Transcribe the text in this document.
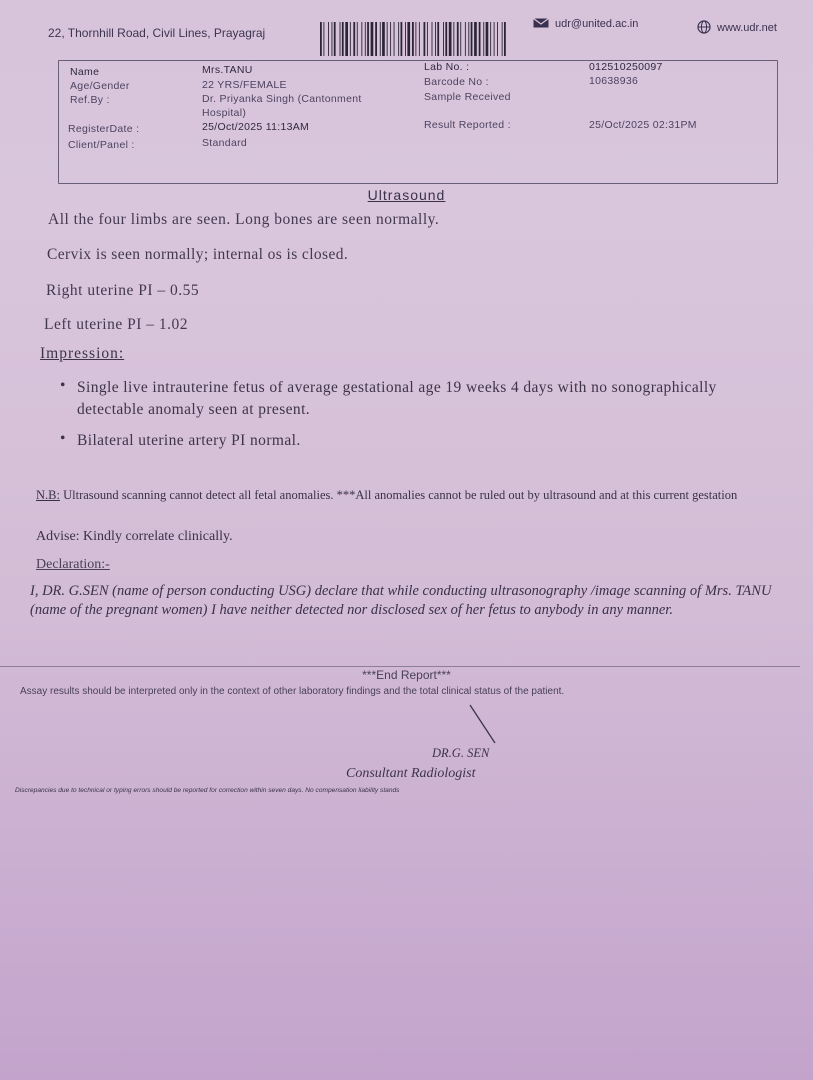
22, Thornhill Road, Civil Lines, Prayagraj
udr@united.ac.in	www.udr.net
Name
Age/Gender
Ref.By :
RegisterDate :
Client/Panel :
Mrs.TANU
22 YRS/FEMALE
Dr. Priyanka Singh (Cantonment
Hospital)
25/Oct/2025 11:13AM
Standard
Lab No. :
Barcode No :
Sample Received
Result Reported :
012510250097
10638936
25/Oct/2025 02:31PM
Ultrasound
All the four limbs are seen. Long bones are seen normally.
Cervix is seen normally; internal os is closed.
Right uterine PI – 0.55
Left uterine PI – 1.02
Impression:
• Single live intrauterine fetus of average gestational age 19 weeks 4 days with no sonographically detectable anomaly seen at present.
• Bilateral uterine artery PI normal.
N.B: Ultrasound scanning cannot detect all fetal anomalies. ***All anomalies cannot be ruled out by ultrasound and at this current gestation
Advise: Kindly correlate clinically.
Declaration:-
I, DR. G.SEN (name of person conducting USG) declare that while conducting ultrasonography /image scanning of Mrs. TANU (name of the pregnant women) I have neither detected nor disclosed sex of her fetus to anybody in any manner.
***End Report***
Assay results should be interpreted only in the context of other laboratory findings and the total clinical status of the patient.
DR.G. SEN
Consultant Radiologist
Discrepancies due to technical or typing errors should be reported for correction within seven days. No compensation liability stands
